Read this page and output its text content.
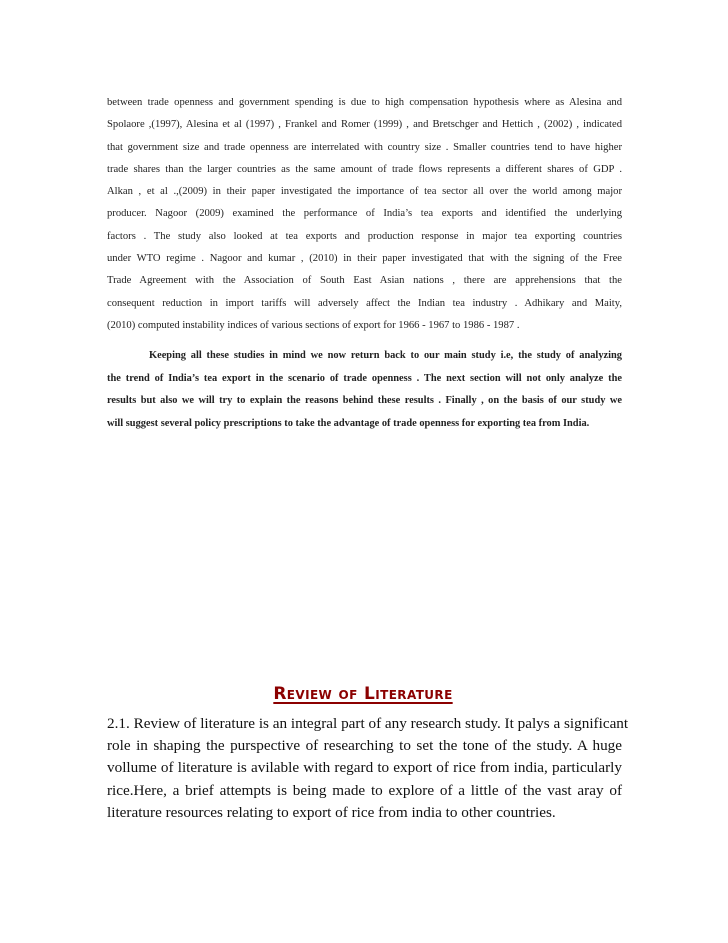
between trade openness and government spending is due to high compensation hypothesis where as Alesina and
Spolaore ,(1997), Alesina et al (1997) , Frankel and Romer (1999) , and Bretschger and Hettich , (2002) , indicated
that government size and trade openness are interrelated with country size . Smaller countries tend to have higher
trade shares than the larger countries as the same amount of trade flows represents a different shares of GDP .
Alkan , et al .,(2009) in their paper investigated the importance of tea sector all over the world among major
producer. Nagoor (2009) examined the performance of India’s tea exports and identified the underlying
factors . The study also looked at tea exports and production response in major tea exporting countries
under WTO regime . Nagoor and kumar , (2010) in their paper investigated that with the signing of the Free
Trade Agreement with the Association of South East Asian nations , there are apprehensions that the
consequent reduction in import tariffs will adversely affect the Indian tea industry . Adhikary and Maity,
(2010) computed instability indices of various sections of export for 1966 - 1967 to 1986 - 1987 .
Keeping all these studies in mind we now return back to our main study i.e, the study of analyzing
the trend of India’s tea export in the scenario of trade openness . The next section will not only analyze the
results but also we will try to explain the reasons behind these results . Finally , on the basis of our study we
will suggest several policy prescriptions to take the advantage of trade openness for exporting tea from India.
Review of Literature
2.1. Review of literature is an integral part of any research study. It palys a significant
role in shaping the purspective of researching to set the tone of the study. A huge
vollume of literature is avilable with regard to export of rice from india, particularly
rice.Here, a brief attempts is being made to explore of a little of the vast aray of
literature resources relating to export of rice from india to other countries.
